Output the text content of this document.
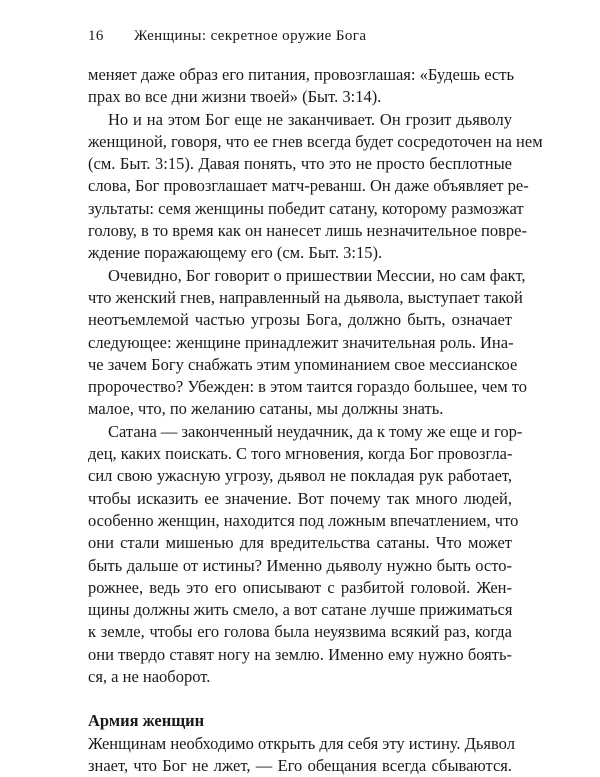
16 Женщины: секретное оружие Бога
меняет даже образ его питания, провозглашая: «Будешь есть
прах во все дни жизни твоей» (Быт. 3:14).
Но и на этом Бог еще не заканчивает. Он грозит дьяволу
женщиной, говоря, что ее гнев всегда будет сосредоточен на нем
(см. Быт. 3:15). Давая понять, что это не просто бесплотные
слова, Бог провозглашает матч-реванш. Он даже объявляет ре-
зультаты: семя женщины победит сатану, которому размозжат
голову, в то время как он нанесет лишь незначительное повре-
ждение поражающему его (см. Быт. 3:15).
Очевидно, Бог говорит о пришествии Мессии, но сам факт,
что женский гнев, направленный на дьявола, выступает такой
неотъемлемой частью угрозы Бога, должно быть, означает
следующее: женщине принадлежит значительная роль. Ина-
че зачем Богу снабжать этим упоминанием свое мессианское
пророчество? Убежден: в этом таится гораздо большее, чем то
малое, что, по желанию сатаны, мы должны знать.
Сатана — законченный неудачник, да к тому же еще и гор-
дец, каких поискать. С того мгновения, когда Бог провозгла-
сил свою ужасную угрозу, дьявол не покладая рук работает,
чтобы исказить ее значение. Вот почему так много людей,
особенно женщин, находится под ложным впечатлением, что
они стали мишенью для вредительства сатаны. Что может
быть дальше от истины? Именно дьяволу нужно быть осто-
рожнее, ведь это его описывают с разбитой головой. Жен-
щины должны жить смело, а вот сатане лучше прижиматься
к земле, чтобы его голова была неуязвима всякий раз, когда
они твердо ставят ногу на землю. Именно ему нужно боять-
ся, а не наоборот.
Армия женщин
Женщинам необходимо открыть для себя эту истину. Дьявол
знает, что Бог не лжет, — Его обещания всегда сбываются.
